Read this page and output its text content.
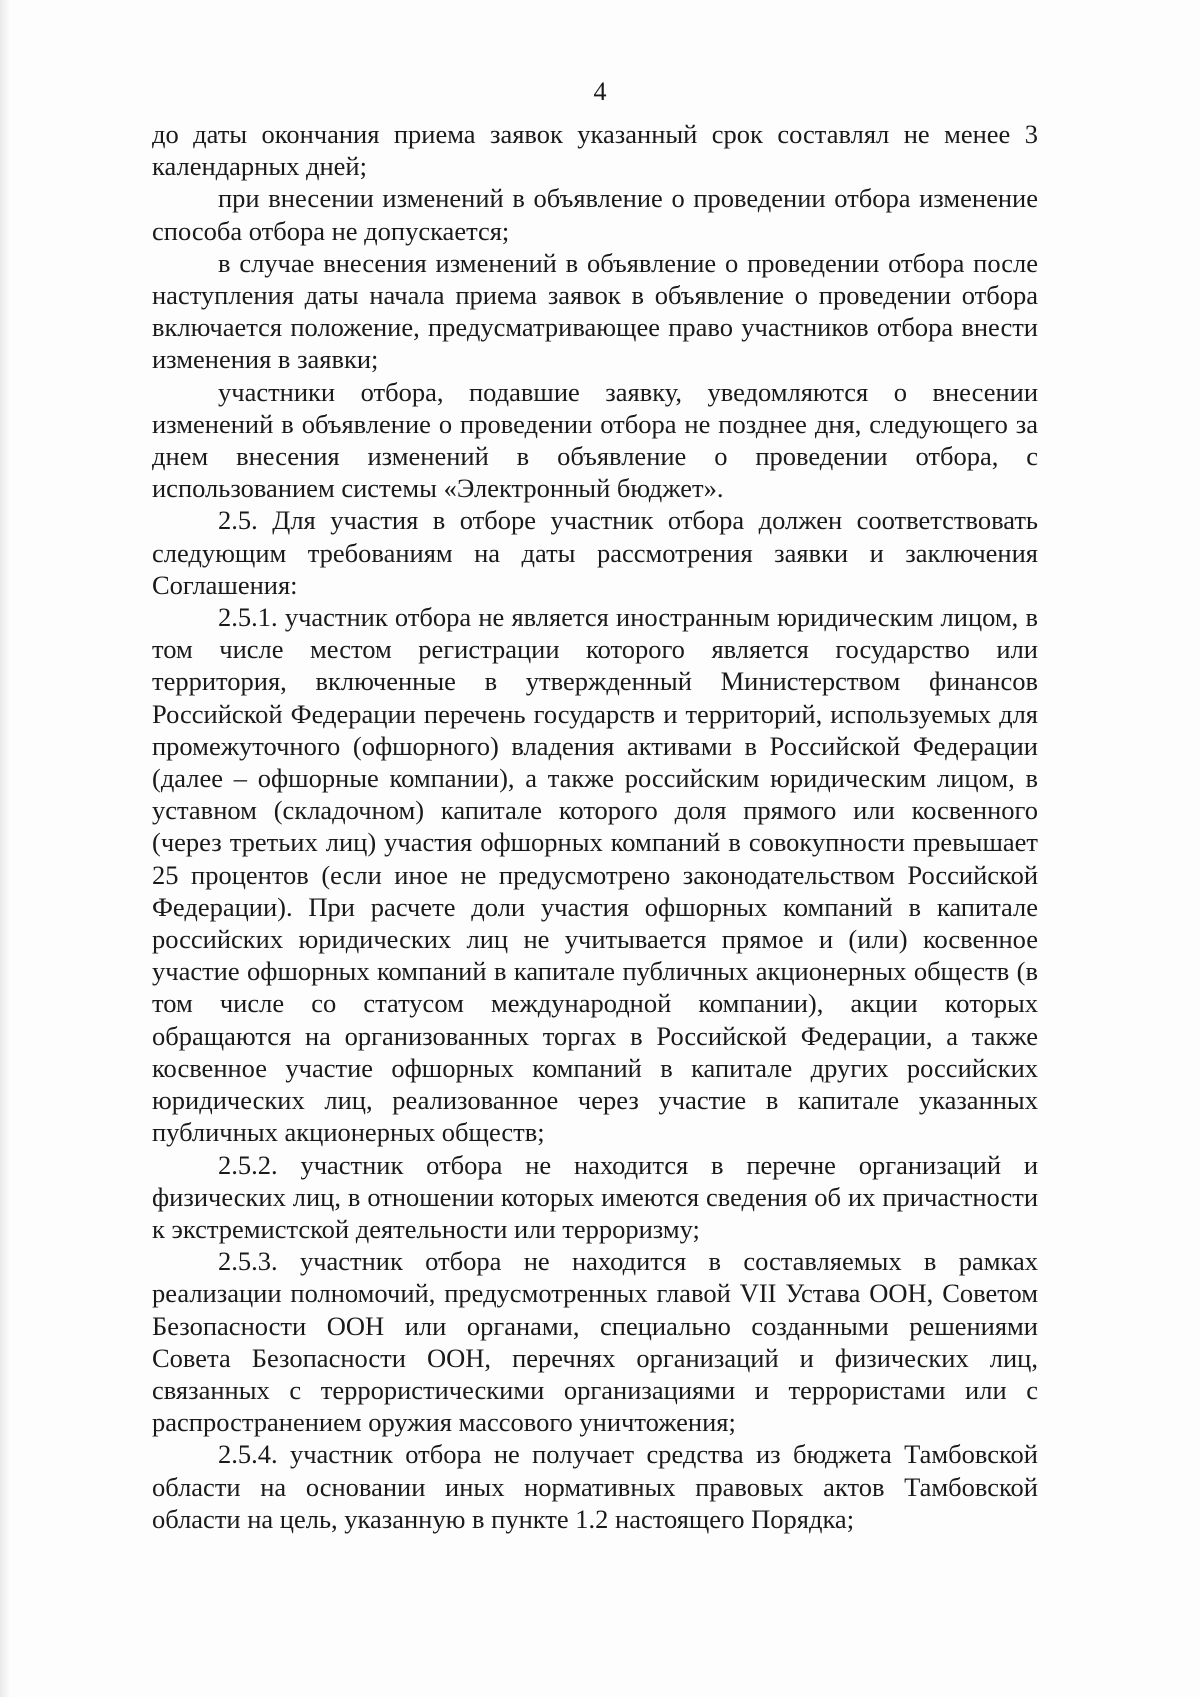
4

до даты окончания приема заявок указанный срок составлял не менее 3 календарных дней;

при внесении изменений в объявление о проведении отбора изменение способа отбора не допускается;

в случае внесения изменений в объявление о проведении отбора после наступления даты начала приема заявок в объявление о проведении отбора включается положение, предусматривающее право участников отбора внести изменения в заявки;

участники отбора, подавшие заявку, уведомляются о внесении изменений в объявление о проведении отбора не позднее дня, следующего за днем внесения изменений в объявление о проведении отбора, с использованием системы «Электронный бюджет».

2.5. Для участия в отборе участник отбора должен соответствовать следующим требованиям на даты рассмотрения заявки и заключения Соглашения:

2.5.1. участник отбора не является иностранным юридическим лицом, в том числе местом регистрации которого является государство или территория, включенные в утвержденный Министерством финансов Российской Федерации перечень государств и территорий, используемых для промежуточного (офшорного) владения активами в Российской Федерации (далее – офшорные компании), а также российским юридическим лицом, в уставном (складочном) капитале которого доля прямого или косвенного (через третьих лиц) участия офшорных компаний в совокупности превышает 25 процентов (если иное не предусмотрено законодательством Российской Федерации). При расчете доли участия офшорных компаний в капитале российских юридических лиц не учитывается прямое и (или) косвенное участие офшорных компаний в капитале публичных акционерных обществ (в том числе со статусом международной компании), акции которых обращаются на организованных торгах в Российской Федерации, а также косвенное участие офшорных компаний в капитале других российских юридических лиц, реализованное через участие в капитале указанных публичных акционерных обществ;

2.5.2. участник отбора не находится в перечне организаций и физических лиц, в отношении которых имеются сведения об их причастности к экстремистской деятельности или терроризму;

2.5.3. участник отбора не находится в составляемых в рамках реализации полномочий, предусмотренных главой VII Устава ООН, Советом Безопасности ООН или органами, специально созданными решениями Совета Безопасности ООН, перечнях организаций и физических лиц, связанных с террористическими организациями и террористами или с распространением оружия массового уничтожения;

2.5.4. участник отбора не получает средства из бюджета Тамбовской области на основании иных нормативных правовых актов Тамбовской области на цель, указанную в пункте 1.2 настоящего Порядка;
